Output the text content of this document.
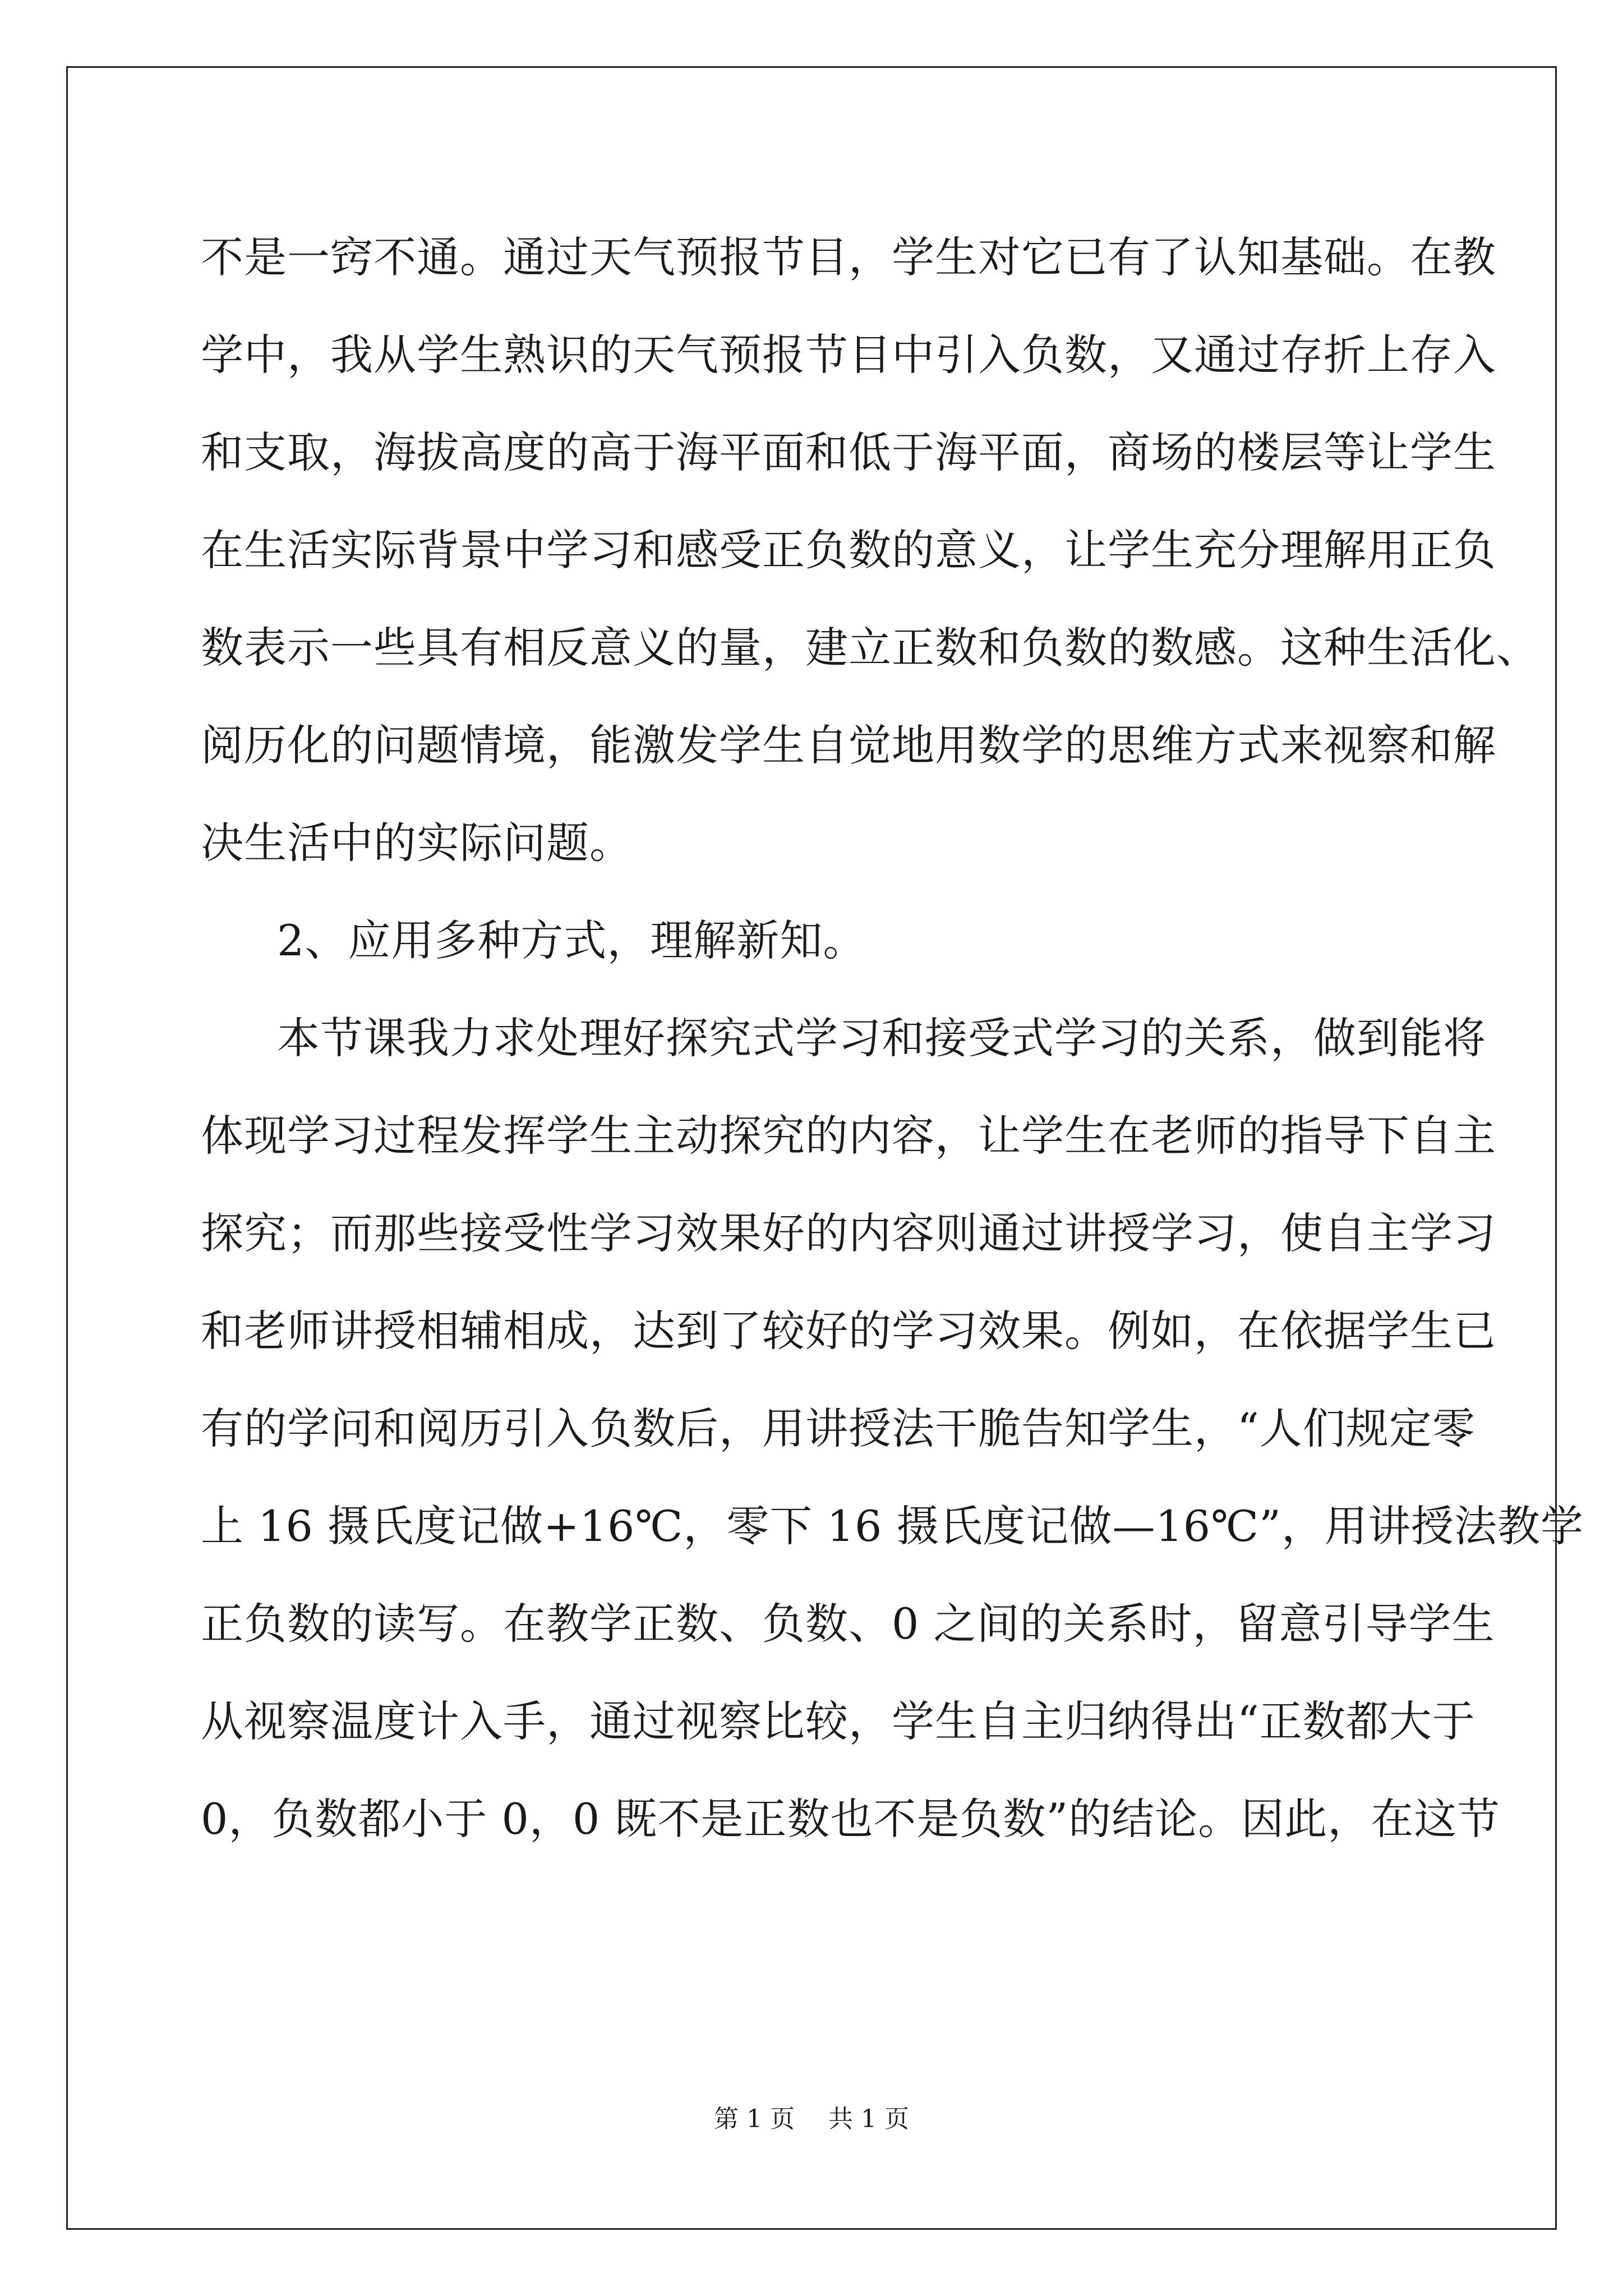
不是一窍不通。通过天气预报节目，学生对它已有了认知基础。在教
学中，我从学生熟识的天气预报节目中引入负数，又通过存折上存入
和支取，海拔高度的高于海平面和低于海平面，商场的楼层等让学生
在生活实际背景中学习和感受正负数的意义，让学生充分理解用正负
数表示一些具有相反意义的量，建立正数和负数的数感。这种生活化、
阅历化的问题情境，能激发学生自觉地用数学的思维方式来视察和解
决生活中的实际问题。
2、应用多种方式，理解新知。
本节课我力求处理好探究式学习和接受式学习的关系，做到能将
体现学习过程发挥学生主动探究的内容，让学生在老师的指导下自主
探究；而那些接受性学习效果好的内容则通过讲授学习，使自主学习
和老师讲授相辅相成，达到了较好的学习效果。例如，在依据学生已
有的学问和阅历引入负数后，用讲授法干脆告知学生，“人们规定零
上 16 摄氏度记做+16℃，零下 16 摄氏度记做—16℃”，用讲授法教学
正负数的读写。在教学正数、负数、0 之间的关系时，留意引导学生
从视察温度计入手，通过视察比较，学生自主归纳得出“正数都大于
0，负数都小于 0，0 既不是正数也不是负数”的结论。因此，在这节
第 1 页 共 1 页
